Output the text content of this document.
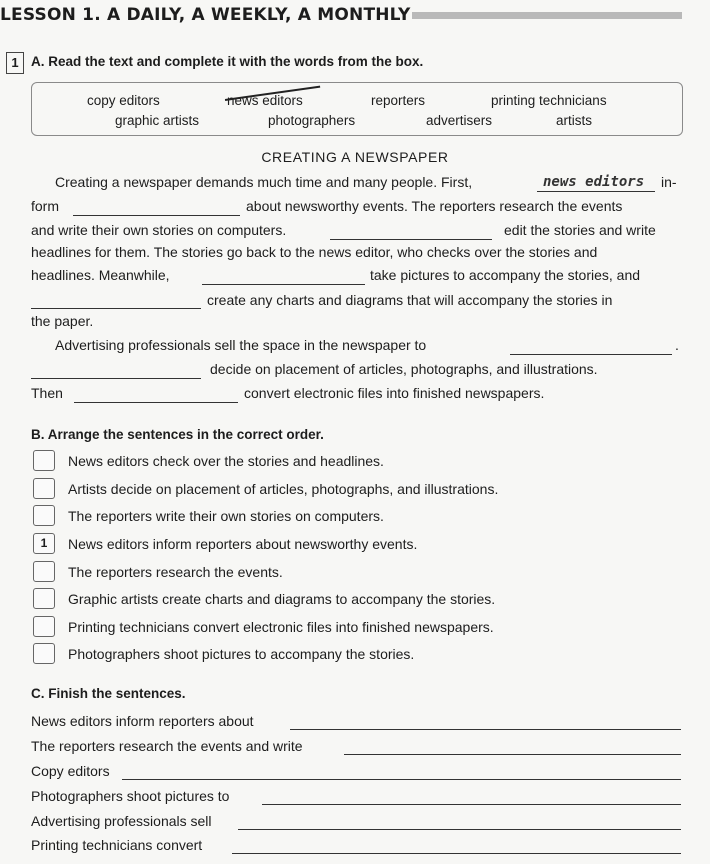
LESSON 1. A DAILY, A WEEKLY, A MONTHLY
1 A. Read the text and complete it with the words from the box.
copy editors	news editors	reporters	printing technicians
graphic artists	photographers	advertisers	artists
CREATING A NEWSPAPER
Creating a newspaper demands much time and many people. First,	news editors in-
form	about newsworthy events. The reporters research the events
and write their own stories on computers.	edit the stories and write
headlines for them. The stories go back to the news editor, who checks over the stories and
headlines. Meanwhile,	take pictures to accompany the stories, and
create any charts and diagrams that will accompany the stories in
the paper.
Advertising professionals sell the space in the newspaper to	.
decide on placement of articles, photographs, and illustrations.
Then	convert electronic files into finished newspapers.
B. Arrange the sentences in the correct order.
News editors check over the stories and headlines.
Artists decide on placement of articles, photographs, and illustrations.
The reporters write their own stories on computers.
1	News editors inform reporters about newsworthy events.
The reporters research the events.
Graphic artists create charts and diagrams to accompany the stories.
Printing technicians convert electronic files into finished newspapers.
Photographers shoot pictures to accompany the stories.
C. Finish the sentences.
News editors inform reporters about
The reporters research the events and write
Copy editors
Photographers shoot pictures to
Advertising professionals sell
Printing technicians convert
